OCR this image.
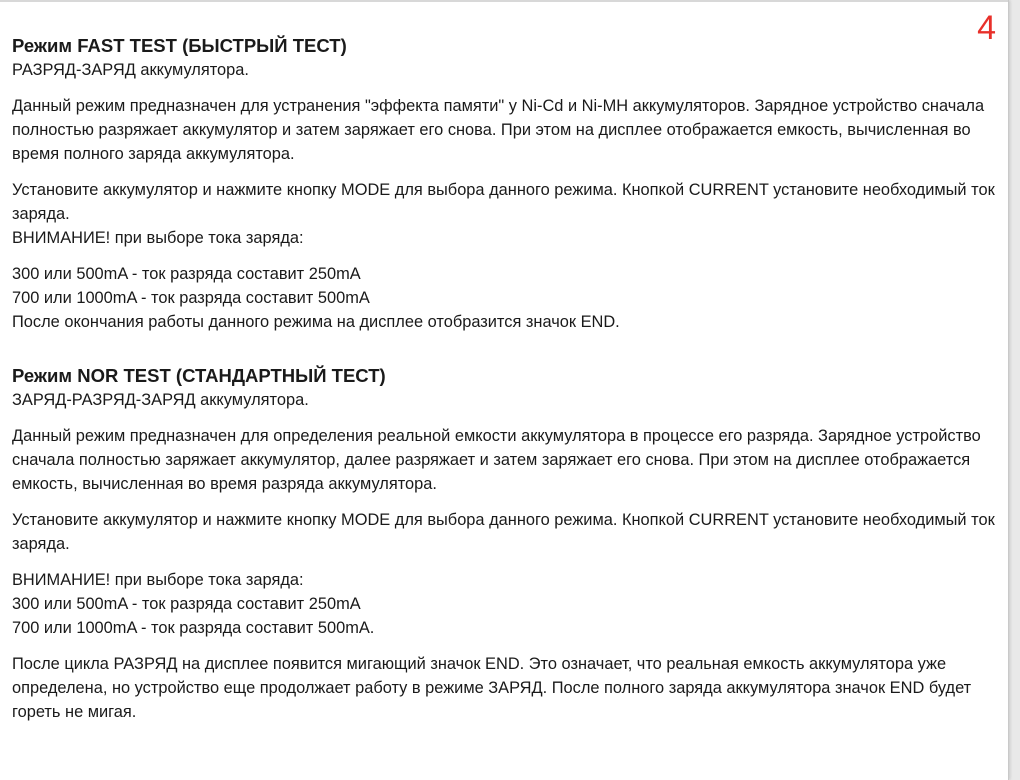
4
Режим FAST TEST (БЫСТРЫЙ ТЕСТ)

РАЗРЯД-ЗАРЯД аккумулятора.

Данный режим предназначен для устранения "эффекта памяти" у Ni-Cd и Ni-MH аккумуляторов. Зарядное устройство сначала полностью разряжает аккумулятор и затем заряжает его снова. При этом на дисплее отображается емкость, вычисленная во время полного заряда аккумулятора.

Установите аккумулятор и нажмите кнопку MODE для выбора данного режима. Кнопкой CURRENT установите необходимый ток заряда.

ВНИМАНИЕ! при выборе тока заряда:

300 или 500mA - ток разряда составит 250mA

700 или 1000mA - ток разряда составит 500mA

После окончания работы данного режима на дисплее отобразится значок END.

Режим NOR TEST (СТАНДАРТНЫЙ ТЕСТ)

ЗАРЯД-РАЗРЯД-ЗАРЯД аккумулятора.

Данный режим предназначен для определения реальной емкости аккумулятора в процессе его разряда. Зарядное устройство сначала полностью заряжает аккумулятор, далее разряжает и затем заряжает его снова. При этом на дисплее отображается емкость, вычисленная во время разряда аккумулятора.

Установите аккумулятор и нажмите кнопку MODE для выбора данного режима. Кнопкой CURRENT установите необходимый ток заряда.

ВНИМАНИЕ! при выборе тока заряда:

300 или 500mA - ток разряда составит 250mA

700 или 1000mA - ток разряда составит 500mA.

После цикла РАЗРЯД на дисплее появится мигающий значок END. Это означает, что реальная емкость аккумулятора уже определена, но устройство еще продолжает работу в режиме ЗАРЯД. После полного заряда аккумулятора значок END будет гореть не мигая.
